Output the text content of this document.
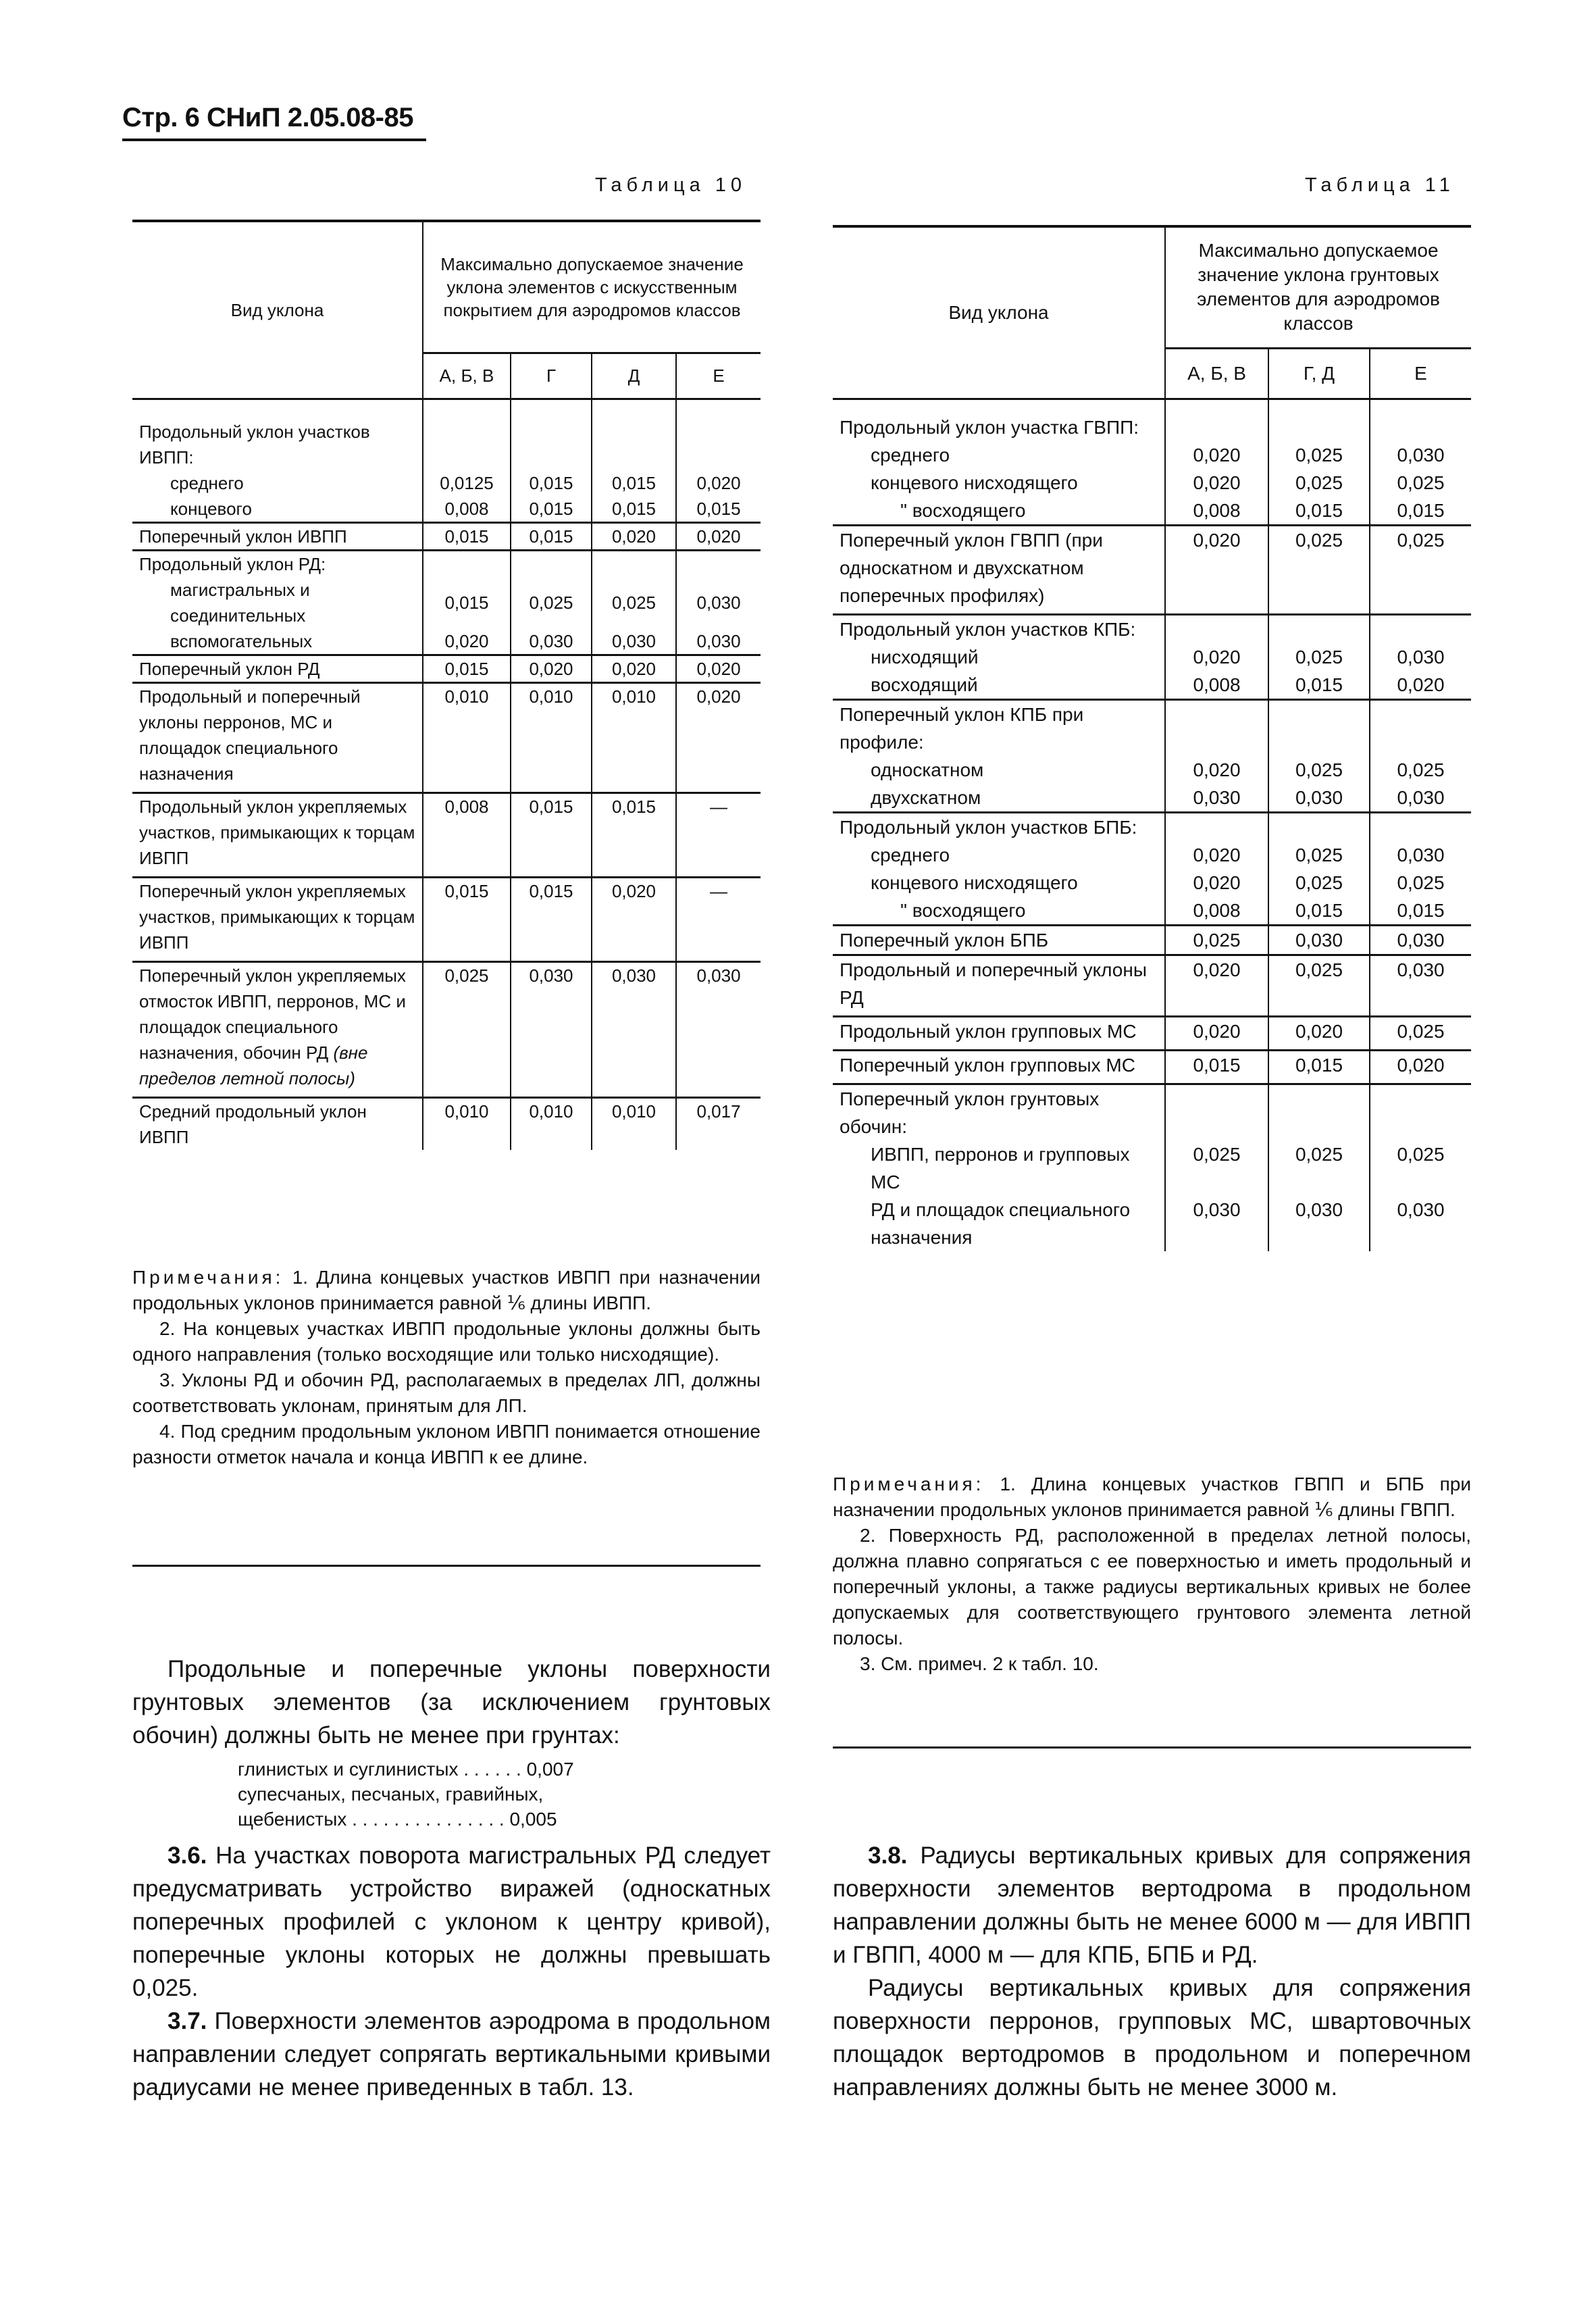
Стр. 6 СНиП 2.05.08-85
Таблица 10
Вид уклона	Максимально допускаемое значение уклона элементов с искусственным покрытием для аэродромов классов			
	А, Б, В	Г	Д	Е

Продольный уклон участков ИВПП:				
среднего	0,0125	0,015	0,015	0,020
концевого	0,008	0,015	0,015	0,015
Поперечный уклон ИВПП	0,015	0,015	0,020	0,020
Продольный уклон РД:				
магистральных и соединительных	0,015	0,025	0,025	0,030
вспомогательных	0,020	0,030	0,030	0,030
Поперечный уклон РД	0,015	0,020	0,020	0,020
Продольный и поперечный уклоны перронов, МС и площадок специального назначения	0,010	0,010	0,010	0,020
Продольный уклон укрепляемых участков, примыкающих к торцам ИВПП	0,008	0,015	0,015	—
Поперечный уклон укрепляемых участков, примыкающих к торцам ИВПП	0,015	0,015	0,020	—
Поперечный уклон укрепляемых отмосток ИВПП, перронов, МС и площадок специального назначения, обочин РД (вне пределов летной полосы)	0,025	0,030	0,030	0,030
Средний продольный уклон ИВПП	0,010	0,010	0,010	0,017

Примечания: 1. Длина концевых участков ИВПП при назначении продольных уклонов принимается равной ⅙ длины ИВПП.

2. На концевых участках ИВПП продольные уклоны должны быть одного направления (только восходящие или только нисходящие).

3. Уклоны РД и обочин РД, располагаемых в пределах ЛП, должны соответствовать уклонам, принятым для ЛП.

4. Под средним продольным уклоном ИВПП понимается отношение разности отметок начала и конца ИВПП к ее длине.

Таблица 11
Вид уклона	Максимально допускаемое значение уклона грунтовых элементов для аэродромов классов		
	А, Б, В	Г, Д	Е
Продольный уклон участка ГВПП:			
среднего	0,020	0,025	0,030
концевого нисходящего	0,020	0,025	0,025
" восходящего	0,008	0,015	0,015
Поперечный уклон ГВПП (при односкатном и двухскатном поперечных профилях)	0,020	0,025	0,025
Продольный уклон участков КПБ:			
нисходящий	0,020	0,025	0,030
восходящий	0,008	0,015	0,020
Поперечный уклон КПБ при профиле:			
односкатном	0,020	0,025	0,025
двухскатном	0,030	0,030	0,030
Продольный уклон участков БПБ:			
среднего	0,020	0,025	0,030
концевого нисходящего	0,020	0,025	0,025
" восходящего	0,008	0,015	0,015
Поперечный уклон БПБ	0,025	0,030	0,030
Продольный и поперечный уклоны РД	0,020	0,025	0,030
Продольный уклон групповых МС	0,020	0,020	0,025
Поперечный уклон групповых МС	0,015	0,015	0,020
Поперечный уклон грунтовых обочин:			
ИВПП, перронов и групповых МС	0,025	0,025	0,025
РД и площадок специального назначения	0,030	0,030	0,030

Примечания: 1. Длина концевых участков ГВПП и БПБ при назначении продольных уклонов принимается равной ⅙ длины ГВПП.

2. Поверхность РД, расположенной в пределах летной полосы, должна плавно сопрягаться с ее поверхностью и иметь продольный и поперечный уклоны, а также радиусы вертикальных кривых не более допускаемых для соответствующего грунтового элемента летной полосы.

3. См. примеч. 2 к табл. 10.

Продольные и поперечные уклоны поверхности грунтовых элементов (за исключением грунтовых обочин) должны быть не менее при грунтах:

глинистых и суглинистых . . . . . . 0,007
супесчаных, песчаных, гравийных,
щебенистых . . . . . . . . . . . . . . . 0,005

3.6. На участках поворота магистральных РД следует предусматривать устройство виражей (односкатных поперечных профилей с уклоном к центру кривой), поперечные уклоны которых не должны превышать 0,025.

3.7. Поверхности элементов аэродрома в продольном направлении следует сопрягать вертикальными кривыми радиусами не менее приведенных в табл. 13.

3.8. Радиусы вертикальных кривых для сопряжения поверхности элементов вертодрома в продольном направлении должны быть не менее 6000 м — для ИВПП и ГВПП, 4000 м — для КПБ, БПБ и РД.

Радиусы вертикальных кривых для сопряжения поверхности перронов, групповых МС, швартовочных площадок вертодромов в продольном и поперечном направлениях должны быть не менее 3000 м.
